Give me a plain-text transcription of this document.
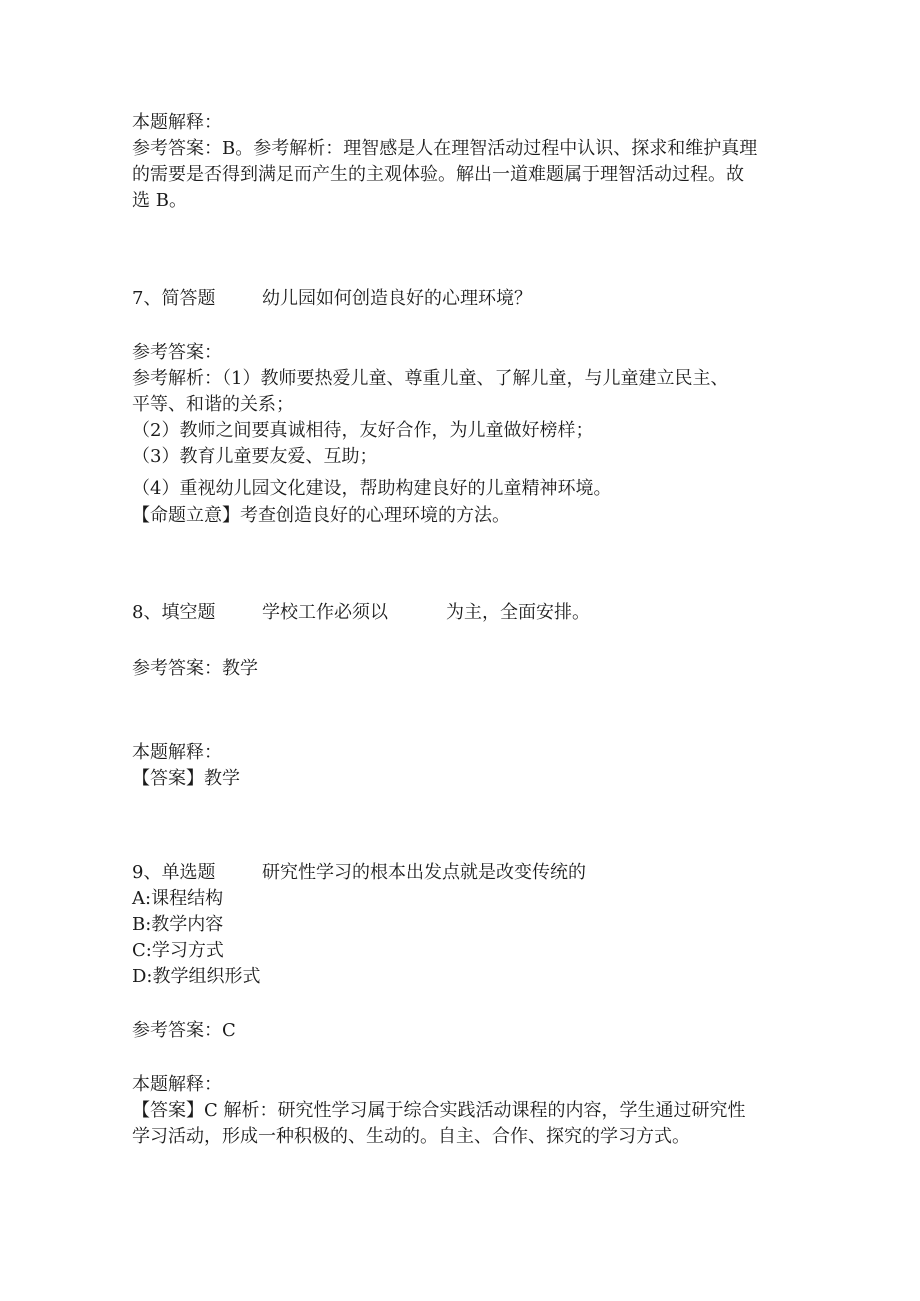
本题解释：
参考答案：B。参考解析：理智感是人在理智活动过程中认识、探求和维护真理
的需要是否得到满足而产生的主观体验。解出一道难题属于理智活动过程。故
选 B。
7、简答题	幼儿园如何创造良好的心理环境？
参考答案：
参考解析：（1）教师要热爱儿童、尊重儿童、了解儿童，与儿童建立民主、
平等、和谐的关系；
（2）教师之间要真诚相待，友好合作，为儿童做好榜样；
（3）教育儿童要友爱、互助；
（4）重视幼儿园文化建设，帮助构建良好的儿童精神环境。
【命题立意】考查创造良好的心理环境的方法。
8、填空题	学校工作必须以	为主，全面安排。
参考答案：教学
本题解释：
【答案】教学
9、单选题	研究性学习的根本出发点就是改变传统的
A:课程结构
B:教学内容
C:学习方式
D:教学组织形式
参考答案：C
本题解释：
【答案】C 解析：研究性学习属于综合实践活动课程的内容，学生通过研究性
学习活动，形成一种积极的、生动的。自主、合作、探究的学习方式。
